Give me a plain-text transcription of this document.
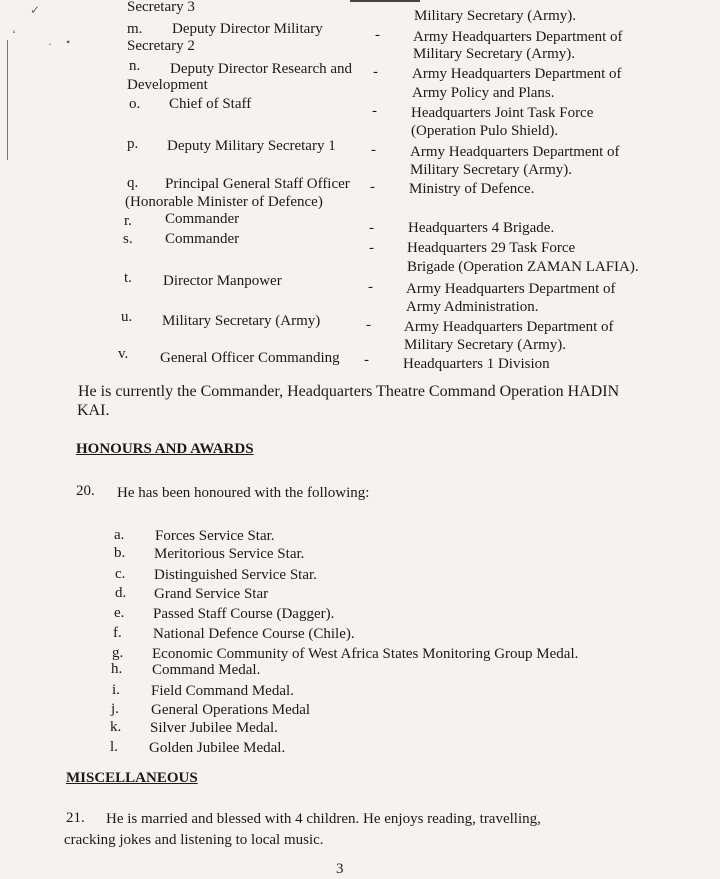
✓
ʻ
· •
Secretary 3
m. Deputy Director Military
Secretary 2
n. Deputy Director Research and
Development
o. Chief of Staff
p. Deputy Military Secretary 1
q. Principal General Staff Officer
(Honorable Minister of Defence)
r. Commander
s. Commander
t. Director Manpower
u. Military Secretary (Army)
v. General Officer Commanding
-
-
-
-
-
-
-
-
-
-
Military Secretary (Army).
Army Headquarters Department of
Military Secretary (Army).
Army Headquarters Department of
Army Policy and Plans.
Headquarters Joint Task Force
(Operation Pulo Shield).
Army Headquarters Department of
Military Secretary (Army).
Ministry of Defence.
Headquarters 4 Brigade.
Headquarters 29 Task Force
Brigade (Operation ZAMAN LAFIA).
Army Headquarters Department of
Army Administration.
Army Headquarters Department of
Military Secretary (Army).
Headquarters 1 Division
He is currently the Commander, Headquarters Theatre Command Operation HADIN
KAI.
HONOURS AND AWARDS
20. He has been honoured with the following:
a. Forces Service Star.
b. Meritorious Service Star.
c. Distinguished Service Star.
d. Grand Service Star
e. Passed Staff Course (Dagger).
f. National Defence Course (Chile).
g. Economic Community of West Africa States Monitoring Group Medal.
h. Command Medal.
i. Field Command Medal.
j. General Operations Medal
k. Silver Jubilee Medal.
l. Golden Jubilee Medal.
MISCELLANEOUS
21. He is married and blessed with 4 children. He enjoys reading, travelling,
cracking jokes and listening to local music.
3
